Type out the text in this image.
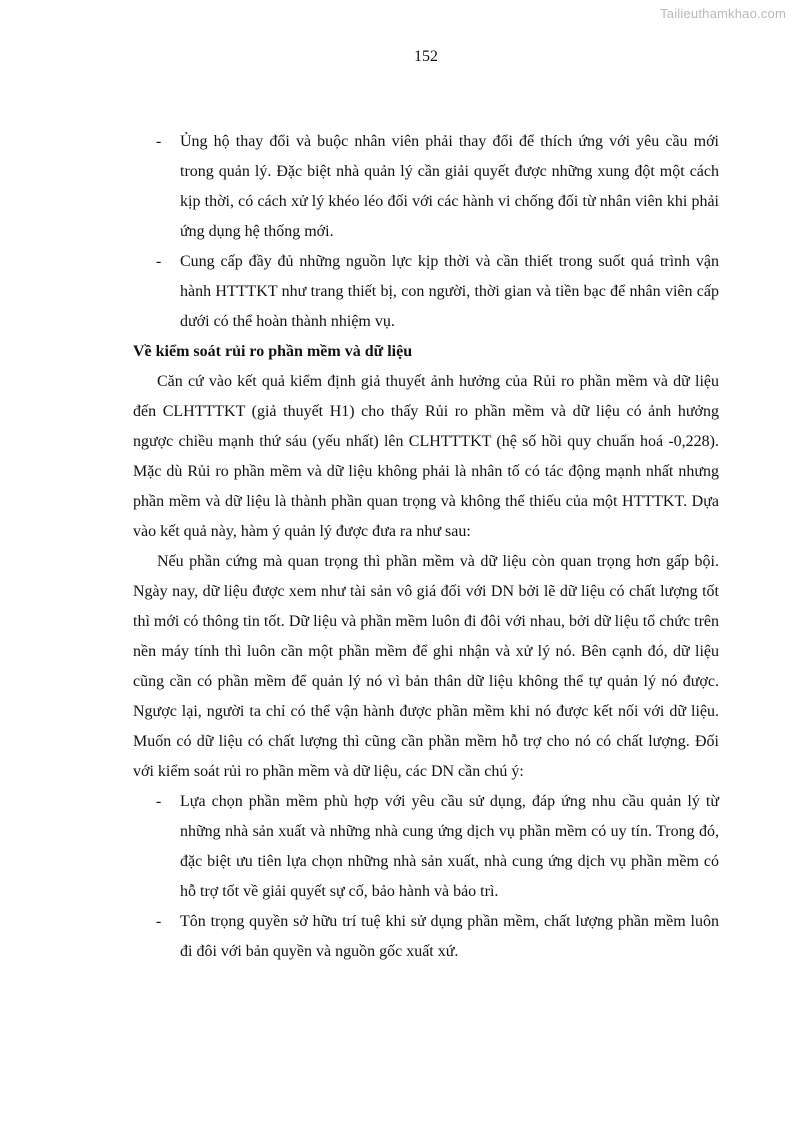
Tailieuthamkhao.com
152

- Ủng hộ thay đổi và buộc nhân viên phải thay đổi để thích ứng với yêu cầu mới trong quản lý. Đặc biệt nhà quản lý cần giải quyết được những xung đột một cách kịp thời, có cách xử lý khéo léo đối với các hành vi chống đối từ nhân viên khi phải ứng dụng hệ thống mới.

- Cung cấp đầy đủ những nguồn lực kịp thời và cần thiết trong suốt quá trình vận hành HTTTKT như trang thiết bị, con người, thời gian và tiền bạc để nhân viên cấp dưới có thể hoàn thành nhiệm vụ.

Về kiểm soát rủi ro phần mềm và dữ liệu

Căn cứ vào kết quả kiểm định giả thuyết ảnh hưởng của Rủi ro phần mềm và dữ liệu đến CLHTTTKT (giả thuyết H1) cho thấy Rủi ro phần mềm và dữ liệu có ảnh hưởng ngược chiều mạnh thứ sáu (yếu nhất) lên CLHTTTKT (hệ số hồi quy chuẩn hoá -0,228). Mặc dù Rủi ro phần mềm và dữ liệu không phải là nhân tố có tác động mạnh nhất nhưng phần mềm và dữ liệu là thành phần quan trọng và không thể thiếu của một HTTTKT. Dựa vào kết quả này, hàm ý quản lý được đưa ra như sau:

Nếu phần cứng mà quan trọng thì phần mềm và dữ liệu còn quan trọng hơn gấp bội. Ngày nay, dữ liệu được xem như tài sản vô giá đối với DN bởi lẽ dữ liệu có chất lượng tốt thì mới có thông tin tốt. Dữ liệu và phần mềm luôn đi đôi với nhau, bởi dữ liệu tổ chức trên nền máy tính thì luôn cần một phần mềm để ghi nhận và xử lý nó. Bên cạnh đó, dữ liệu cũng cần có phần mềm để quản lý nó vì bản thân dữ liệu không thể tự quản lý nó được. Ngược lại, người ta chỉ có thể vận hành được phần mềm khi nó được kết nối với dữ liệu. Muốn có dữ liệu có chất lượng thì cũng cần phần mềm hỗ trợ cho nó có chất lượng. Đối với kiểm soát rủi ro phần mềm và dữ liệu, các DN cần chú ý:

- Lựa chọn phần mềm phù hợp với yêu cầu sử dụng, đáp ứng nhu cầu quản lý từ những nhà sản xuất và những nhà cung ứng dịch vụ phần mềm có uy tín. Trong đó, đặc biệt ưu tiên lựa chọn những nhà sản xuất, nhà cung ứng dịch vụ phần mềm có hỗ trợ tốt về giải quyết sự cố, bảo hành và bảo trì.

- Tôn trọng quyền sở hữu trí tuệ khi sử dụng phần mềm, chất lượng phần mềm luôn đi đôi với bản quyền và nguồn gốc xuất xứ.
